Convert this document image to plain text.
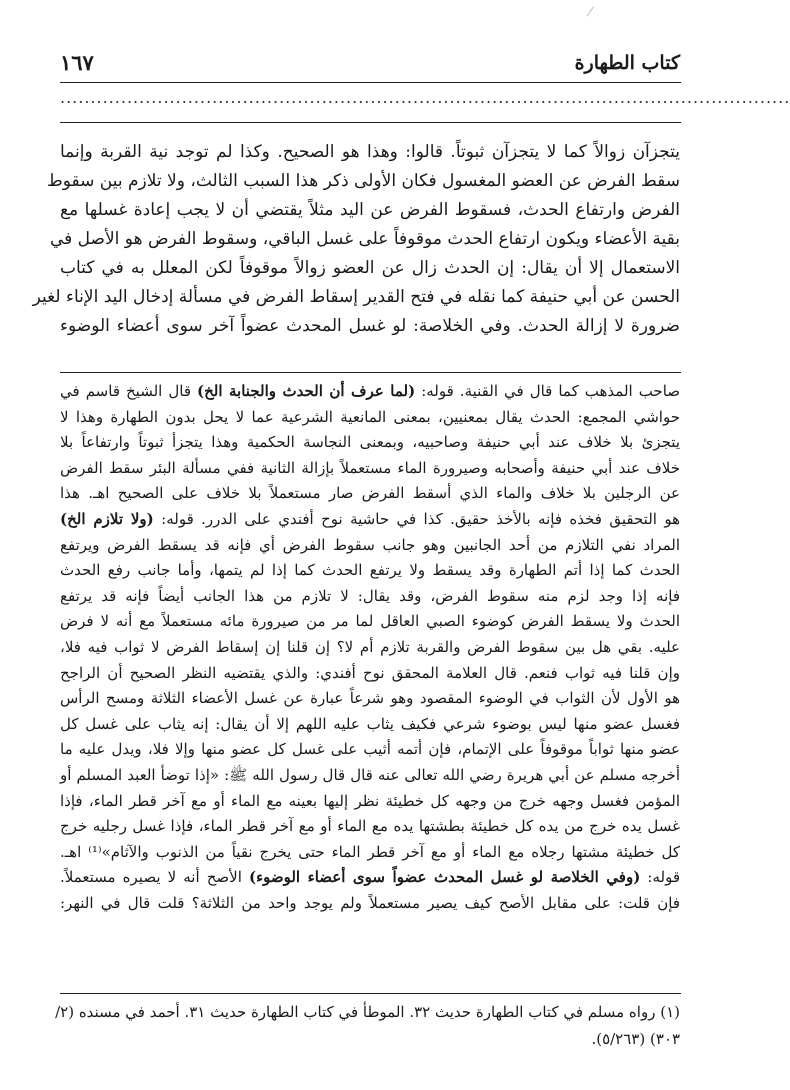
كتاب الطهارة
١٦٧
........................................................................................................................
يتجزآن زوالاً كما لا يتجزآن ثبوتاً. قالوا: وهذا هو الصحيح. وكذا لم توجد نية القربة وإنما
سقط الفرض عن العضو المغسول فكان الأولى ذكر هذا السبب الثالث، ولا تلازم بين سقوط
الفرض وارتفاع الحدث، فسقوط الفرض عن اليد مثلاً يقتضي أن لا يجب إعادة غسلها مع
بقية الأعضاء ويكون ارتفاع الحدث موقوفاً على غسل الباقي، وسقوط الفرض هو الأصل في
الاستعمال إلا أن يقال: إن الحدث زال عن العضو زوالاً موقوفاً لكن المعلل به في كتاب
الحسن عن أبي حنيفة كما نقله في فتح القدير إسقاط الفرض في مسألة إدخال اليد الإناء لغير
ضرورة لا إزالة الحدث. وفي الخلاصة: لو غسل المحدث عضواً آخر سوى أعضاء الوضوء
صاحب المذهب كما قال في القنية. قوله: (لما عرف أن الحدث والجنابة الخ) قال الشيخ قاسم في
حواشي المجمع: الحدث يقال بمعنيين، بمعنى المانعية الشرعية عما لا يحل بدون الطهارة وهذا لا
يتجزئ بلا خلاف عند أبي حنيفة وصاحبيه، وبمعنى النجاسة الحكمية وهذا يتجزأ ثبوتاً وارتفاعاً بلا
خلاف عند أبي حنيفة وأصحابه وصيرورة الماء مستعملاً بإزالة الثانية ففي مسألة البئر سقط الفرض
عن الرجلين بلا خلاف والماء الذي أسقط الفرض صار مستعملاً بلا خلاف على الصحيح اهـ. هذا
هو التحقيق فخذه فإنه بالأخذ حقيق. كذا في حاشية نوح أفندي على الدرر. قوله: (ولا تلازم الخ)
المراد نفي التلازم من أحد الجانبين وهو جانب سقوط الفرض أي فإنه قد يسقط الفرض ويرتفع
الحدث كما إذا أتم الطهارة وقد يسقط ولا يرتفع الحدث كما إذا لم يتمها، وأما جانب رفع الحدث
فإنه إذا وجد لزم منه سقوط الفرض، وقد يقال: لا تلازم من هذا الجانب أيضاً فإنه قد يرتفع
الحدث ولا يسقط الفرض كوضوء الصبي العاقل لما مر من صيرورة مائه مستعملاً مع أنه لا فرض
عليه. بقي هل بين سقوط الفرض والقربة تلازم أم لا؟ إن قلنا إن إسقاط الفرض لا ثواب فيه فلا،
وإن قلنا فيه ثواب فنعم. قال العلامة المحقق نوح أفندي: والذي يقتضيه النظر الصحيح أن الراجح
هو الأول لأن الثواب في الوضوء المقصود وهو شرعاً عبارة عن غسل الأعضاء الثلاثة ومسح الرأس
فغسل عضو منها ليس بوضوء شرعي فكيف يثاب عليه اللهم إلا أن يقال: إنه يثاب على غسل كل
عضو منها ثواباً موقوفاً على الإتمام، فإن أتمه أثيب على غسل كل عضو منها وإلا فلا، ويدل عليه ما
أخرجه مسلم عن أبي هريرة رضي الله تعالى عنه قال قال رسول الله ﷺ: «إذا توضأ العبد المسلم أو
المؤمن فغسل وجهه خرج من وجهه كل خطيئة نظر إليها بعينه مع الماء أو مع آخر قطر الماء، فإذا
غسل يده خرج من يده كل خطيئة بطشتها يده مع الماء أو مع آخر قطر الماء، فإذا غسل رجليه خرج
كل خطيئة مشتها رجلاه مع الماء أو مع آخر قطر الماء حتى يخرج نقياً من الذنوب والآثام»⁽¹⁾ اهـ.
قوله: (وفي الخلاصة لو غسل المحدث عضواً سوى أعضاء الوضوء) الأصح أنه لا يصيره مستعملاً.
فإن قلت: على مقابل الأصح كيف يصير مستعملاً ولم يوجد واحد من الثلاثة؟ قلت قال في النهر:
(١) رواه مسلم في كتاب الطهارة حديث ٣٢. الموطأ في كتاب الطهارة حديث ٣١. أحمد في مسنده (٢/
٣٠٣) (٥/٢٦٣).
